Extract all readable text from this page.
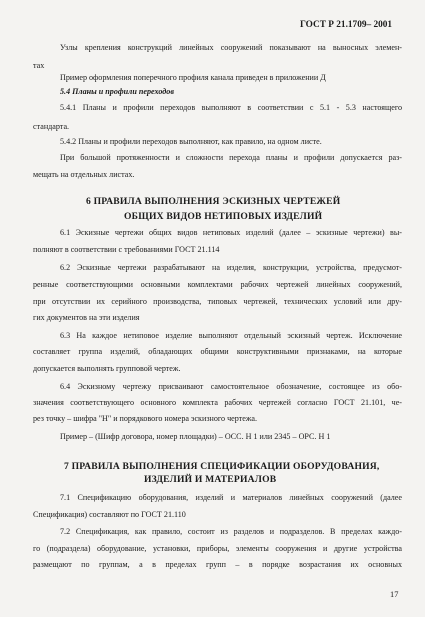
ГОСТ Р 21.1709– 2001
Узлы крепления конструкций линейных сооружений показывают на выносных элемен-
тах
Пример оформления поперечного профиля канала приведен в приложении Д
5.4 Планы и профили переходов
5.4.1 Планы и профили переходов выполняют в соответствии с 5.1 - 5.3 настоящего
стандарта.
5.4.2 Планы и профили переходов выполняют, как правило, на одном листе.
При большой протяженности и сложности перехода планы и профили допускается раз-
мещать на отдельных листах.
6 ПРАВИЛА ВЫПОЛНЕНИЯ ЭСКИЗНЫХ ЧЕРТЕЖЕЙ
ОБЩИХ ВИДОВ НЕТИПОВЫХ ИЗДЕЛИЙ
6.1 Эскизные чертежи общих видов нетиповых изделий (далее – эскизные чертежи) вы-
полняют в соответствии с требованиями ГОСТ 21.114
6.2 Эскизные чертежи разрабатывают на изделия, конструкции, устройства, предусмот-
ренные соответствующими основными комплектами рабочих чертежей линейных сооружений,
при отсутствии их серийного производства, типовых чертежей, технических условий или дру-
гих документов на эти изделия
6.3 На каждое нетиповое изделие выполняют отдельный эскизный чертеж. Исключение
составляет группа изделий, обладающих общими конструктивными признаками, на которые
допускается выполнять групповой чертеж.
6.4 Эскизному чертежу присваивают самостоятельное обозначение, состоящее из обо-
значения соответствующего основного комплекта рабочих чертежей согласно ГОСТ 21.101, че-
рез точку – шифра "Н" и порядкового номера эскизного чертежа.
Пример – (Шифр договора, номер площадки) – ОСС. Н 1 или 2345 – ОРС. Н 1
7 ПРАВИЛА ВЫПОЛНЕНИЯ СПЕЦИФИКАЦИИ ОБОРУДОВАНИЯ,
ИЗДЕЛИЙ И МАТЕРИАЛОВ
7.1 Спецификацию оборудования, изделий и материалов линейных сооружений (далее
Спецификация) составляют по ГОСТ 21.110
7.2 Спецификация, как правило, состоит из разделов и подразделов. В пределах каждо-
го (подраздела) оборудование, установки, приборы, элементы сооружения и другие устройства
размещают по группам, а в пределах групп – в порядке возрастания их основных
17
